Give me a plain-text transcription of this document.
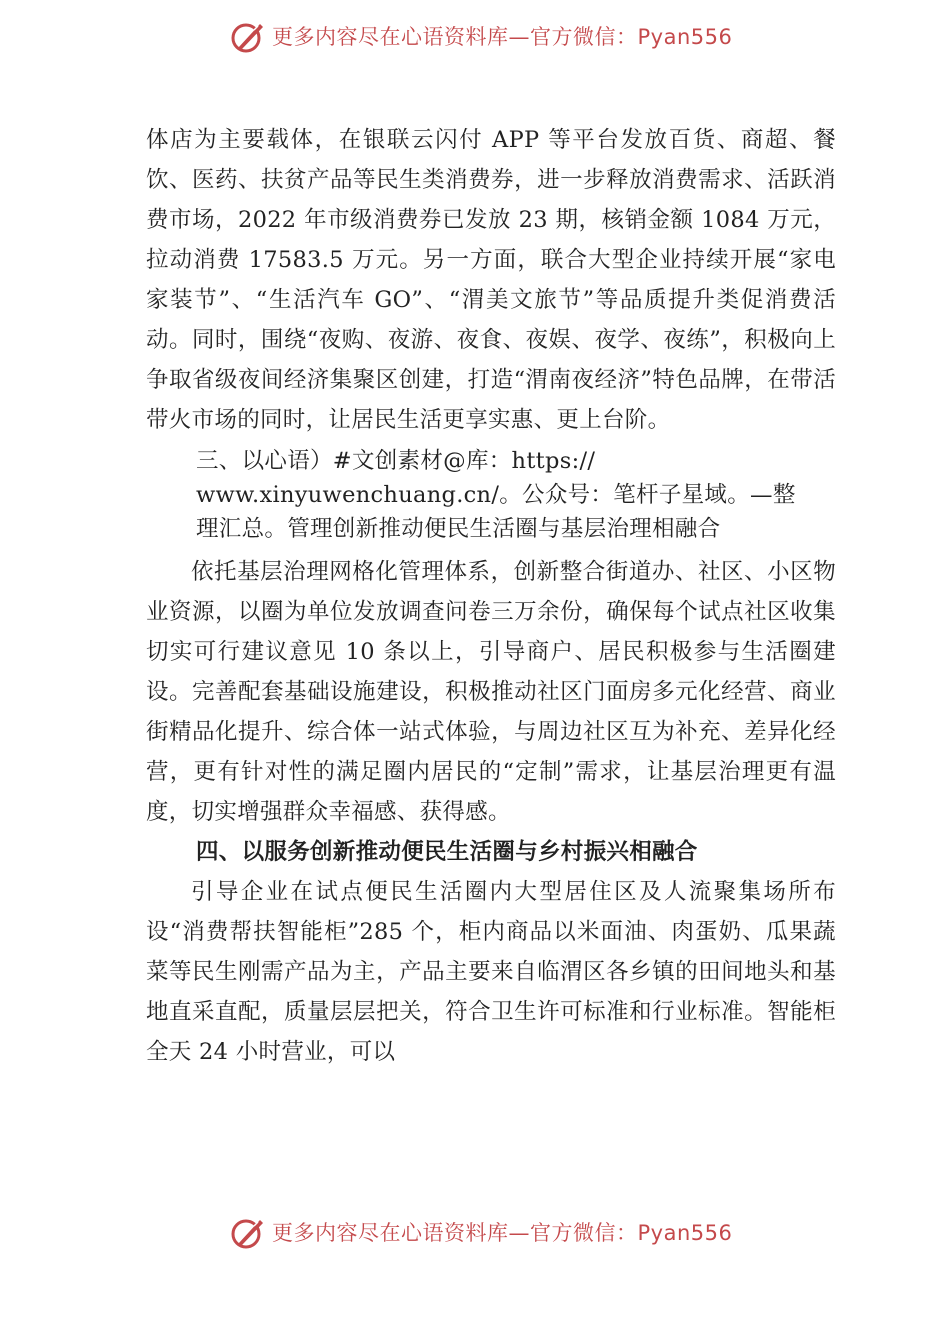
更多内容尽在心语资料库—官方微信：Pyan556

体店为主要载体，在银联云闪付 APP 等平台发放百货、商超、餐饮、医药、扶贫产品等民生类消费券，进一步释放消费需求、活跃消费市场，2022 年市级消费券已发放 23 期，核销金额 1084 万元，拉动消费 17583.5 万元。另一方面，联合大型企业持续开展“家电家装节”、“生活汽车 GO”、“渭美文旅节”等品质提升类促消费活动。同时，围绕“夜购、夜游、夜食、夜娱、夜学、夜练”，积极向上争取省级夜间经济集聚区创建，打造“渭南夜经济”特色品牌，在带活带火市场的同时，让居民生活更享实惠、更上台阶。

三、以心语）#文创素材@库：https://

www.xinyuwenchuang.cn/。公众号：笔杆子星域。—整

理汇总。管理创新推动便民生活圈与基层治理相融合

依托基层治理网格化管理体系，创新整合街道办、社区、小区物业资源，以圈为单位发放调查问卷三万余份，确保每个试点社区收集切实可行建议意见 10 条以上，引导商户、居民积极参与生活圈建设。完善配套基础设施建设，积极推动社区门面房多元化经营、商业街精品化提升、综合体一站式体验，与周边社区互为补充、差异化经营，更有针对性的满足圈内居民的“定制”需求，让基层治理更有温度，切实增强群众幸福感、获得感。

四、以服务创新推动便民生活圈与乡村振兴相融合

引导企业在试点便民生活圈内大型居住区及人流聚集场所布设“消费帮扶智能柜”285 个，柜内商品以米面油、肉蛋奶、瓜果蔬菜等民生刚需产品为主，产品主要来自临渭区各乡镇的田间地头和基地直采直配，质量层层把关，符合卫生许可标准和行业标准。智能柜全天 24 小时营业，可以

更多内容尽在心语资料库—官方微信：Pyan556
